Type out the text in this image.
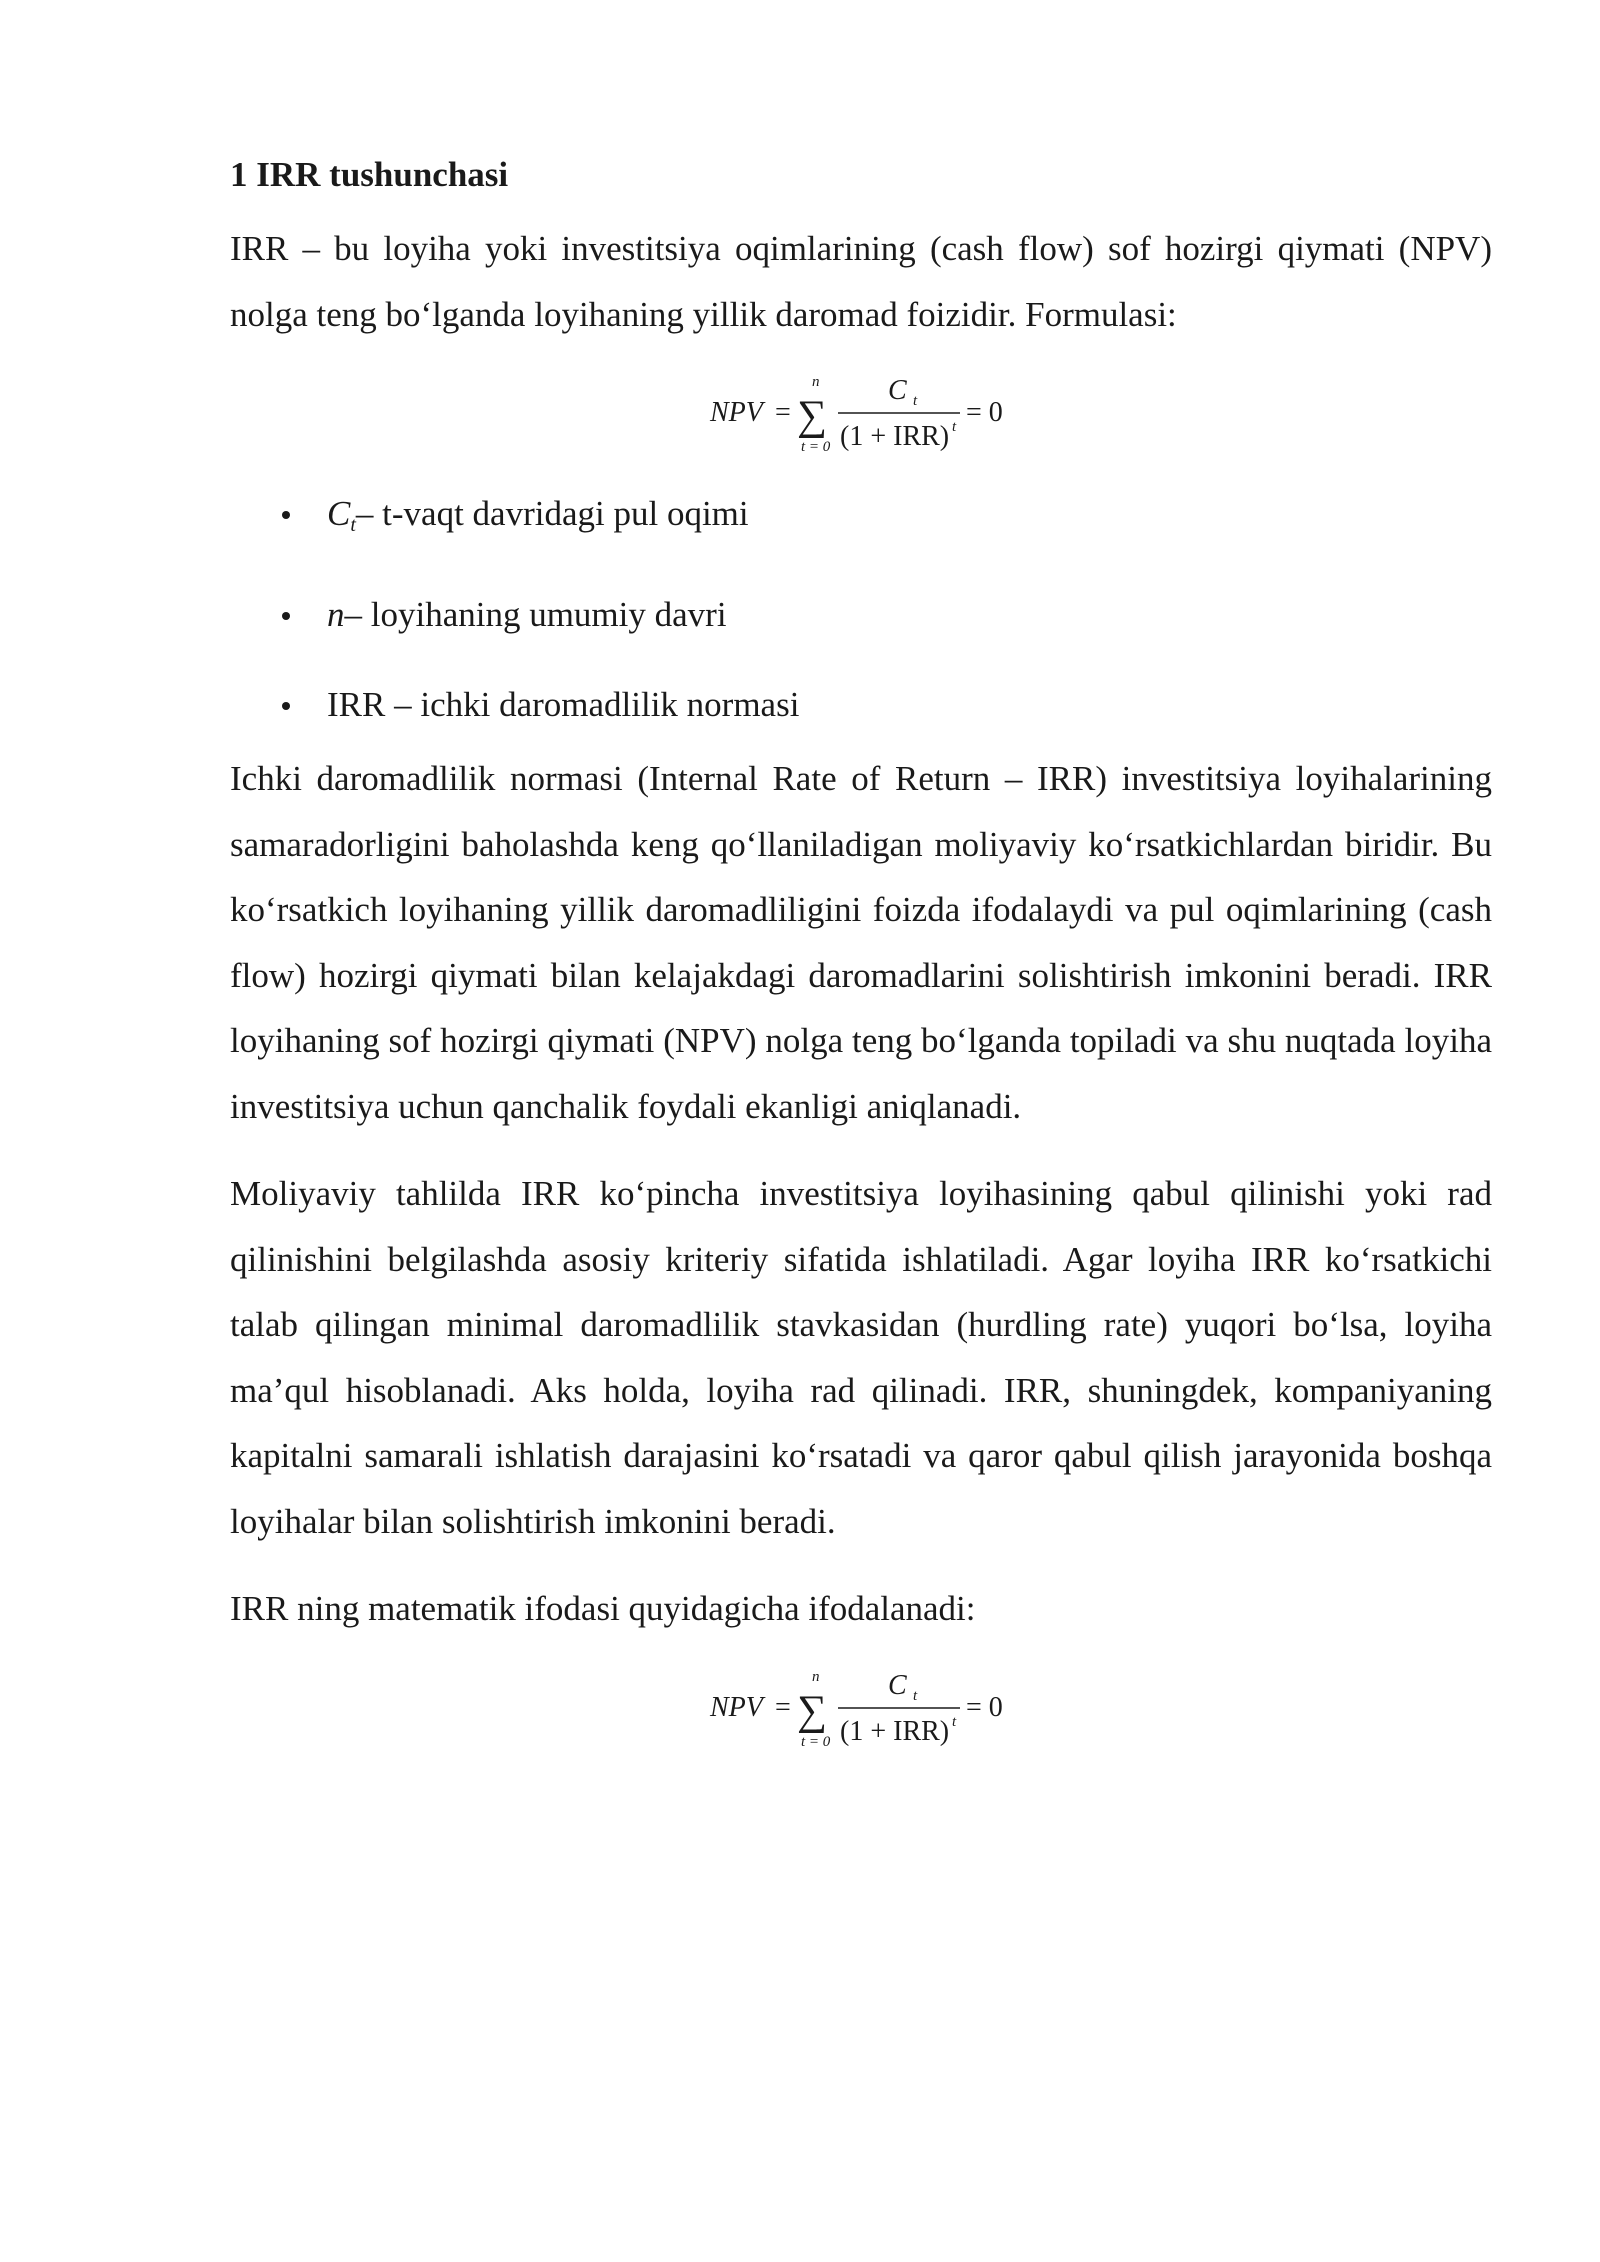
1 IRR tushunchasi

IRR – bu loyiha yoki investitsiya oqimlarining (cash flow) sof hozirgi qiymati (NPV) nolga teng bo‘lganda loyihaning yillik daromad foizidir. Formulasi:

NPV =
n
∑
t = 0
C t
(1 + IRR) t = 0
$C_t-$ t-vaqt davridagi pul oqimi
n– loyihaning umumiy davri
IRR – ichki daromadlilik normasi

Ichki daromadlilik normasi (Internal Rate of Return – IRR) investitsiya loyihalarining samaradorligini baholashda keng qo‘llaniladigan moliyaviy ko‘rsatkichlardan biridir. Bu ko‘rsatkich loyihaning yillik daromadliligini foizda ifodalaydi va pul oqimlarining (cash flow) hozirgi qiymati bilan kelajakdagi daromadlarini solishtirish imkonini beradi. IRR loyihaning sof hozirgi qiymati (NPV) nolga teng bo‘lganda topiladi va shu nuqtada loyiha investitsiya uchun qanchalik foydali ekanligi aniqlanadi.

Moliyaviy tahlilda IRR ko‘pincha investitsiya loyihasining qabul qilinishi yoki rad qilinishini belgilashda asosiy kriteriy sifatida ishlatiladi. Agar loyiha IRR ko‘rsatkichi talab qilingan minimal daromadlilik stavkasidan (hurdling rate) yuqori bo‘lsa, loyiha ma’qul hisoblanadi. Aks holda, loyiha rad qilinadi. IRR, shuningdek, kompaniyaning kapitalni samarali ishlatish darajasini ko‘rsatadi va qaror qabul qilish jarayonida boshqa loyihalar bilan solishtirish imkonini beradi.

IRR ning matematik ifodasi quyidagicha ifodalanadi:

NPV =
n
∑
t = 0
C t
(1 + IRR) t = 0
